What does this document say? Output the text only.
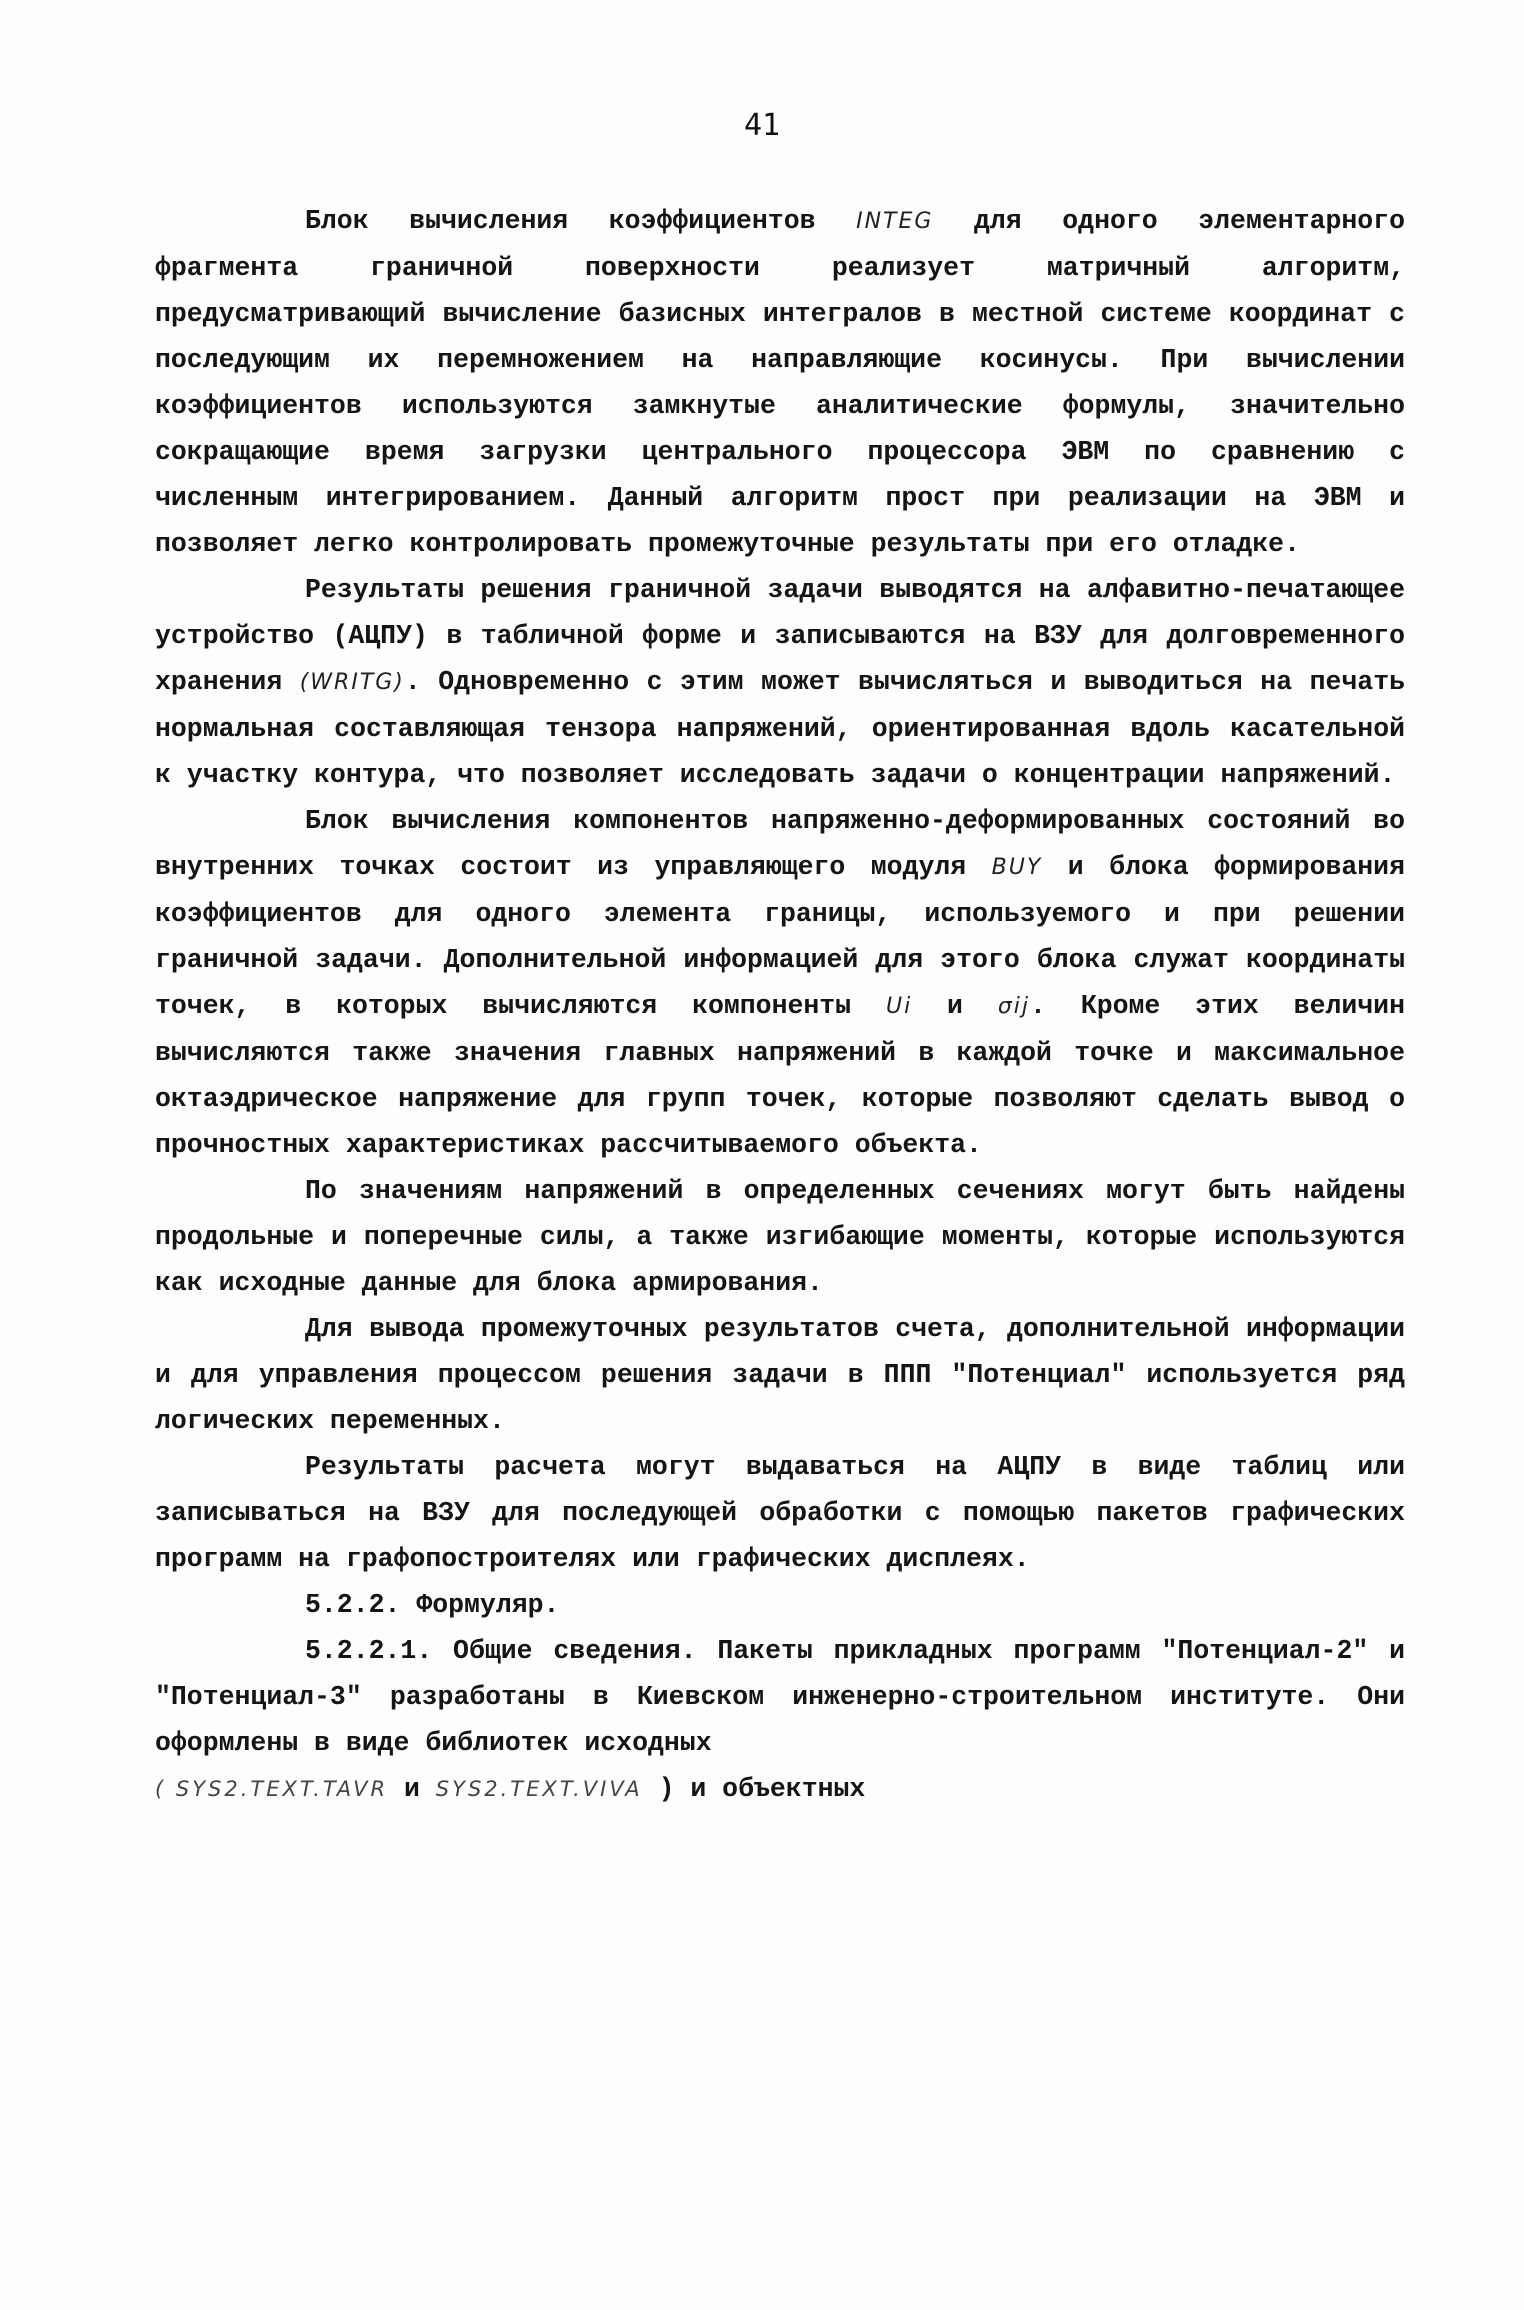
41

Блок вычисления коэффициентов INTEG для одного элементарного фрагмента граничной поверхности реализует матричный алгоритм, предусматривающий вычисление базисных интегралов в местной системе координат с последующим их перемножением на направляющие косинусы. При вычислении коэффициентов используются замкнутые аналитические формулы, значительно сокращающие время загрузки центрального процессора ЭВМ по сравнению с численным интегрированием. Данный алгоритм прост при реализации на ЭВМ и позволяет легко контролировать промежуточные результаты при его отладке.

Результаты решения граничной задачи выводятся на алфавитно-печатающее устройство (АЦПУ) в табличной форме и записываются на ВЗУ для долговременного хранения (WRITG). Одновременно с этим может вычисляться и выводиться на печать нормальная составляющая тензора напряжений, ориентированная вдоль касательной к участку контура, что позволяет исследовать задачи о концентрации напряжений.

Блок вычисления компонентов напряженно-деформированных состояний во внутренних точках состоит из управляющего модуля BUY и блока формирования коэффициентов для одного элемента границы, используемого и при решении граничной задачи. Дополнительной информацией для этого блока служат координаты точек, в которых вычисляются компоненты Ui и σij. Кроме этих величин вычисляются также значения главных напряжений в каждой точке и максимальное октаэдрическое напряжение для групп точек, которые позволяют сделать вывод о прочностных характеристиках рассчитываемого объекта.

По значениям напряжений в определенных сечениях могут быть найдены продольные и поперечные силы, а также изгибающие моменты, которые используются как исходные данные для блока армирования.

Для вывода промежуточных результатов счета, дополнительной информации и для управления процессом решения задачи в ППП "Потенциал" используется ряд логических переменных.

Результаты расчета могут выдаваться на АЦПУ в виде таблиц или записываться на ВЗУ для последующей обработки с помощью пакетов графических программ на графопостроителях или графических дисплеях.

5.2.2. Формуляр.

5.2.2.1. Общие сведения. Пакеты прикладных программ "Потенциал-2" и "Потенциал-3" разработаны в Киевском инженерно-строительном институте. Они оформлены в виде библиотек исходных

( SYS2.TEXT.TAVR и SYS2.TEXT.VIVA ) и объектных
